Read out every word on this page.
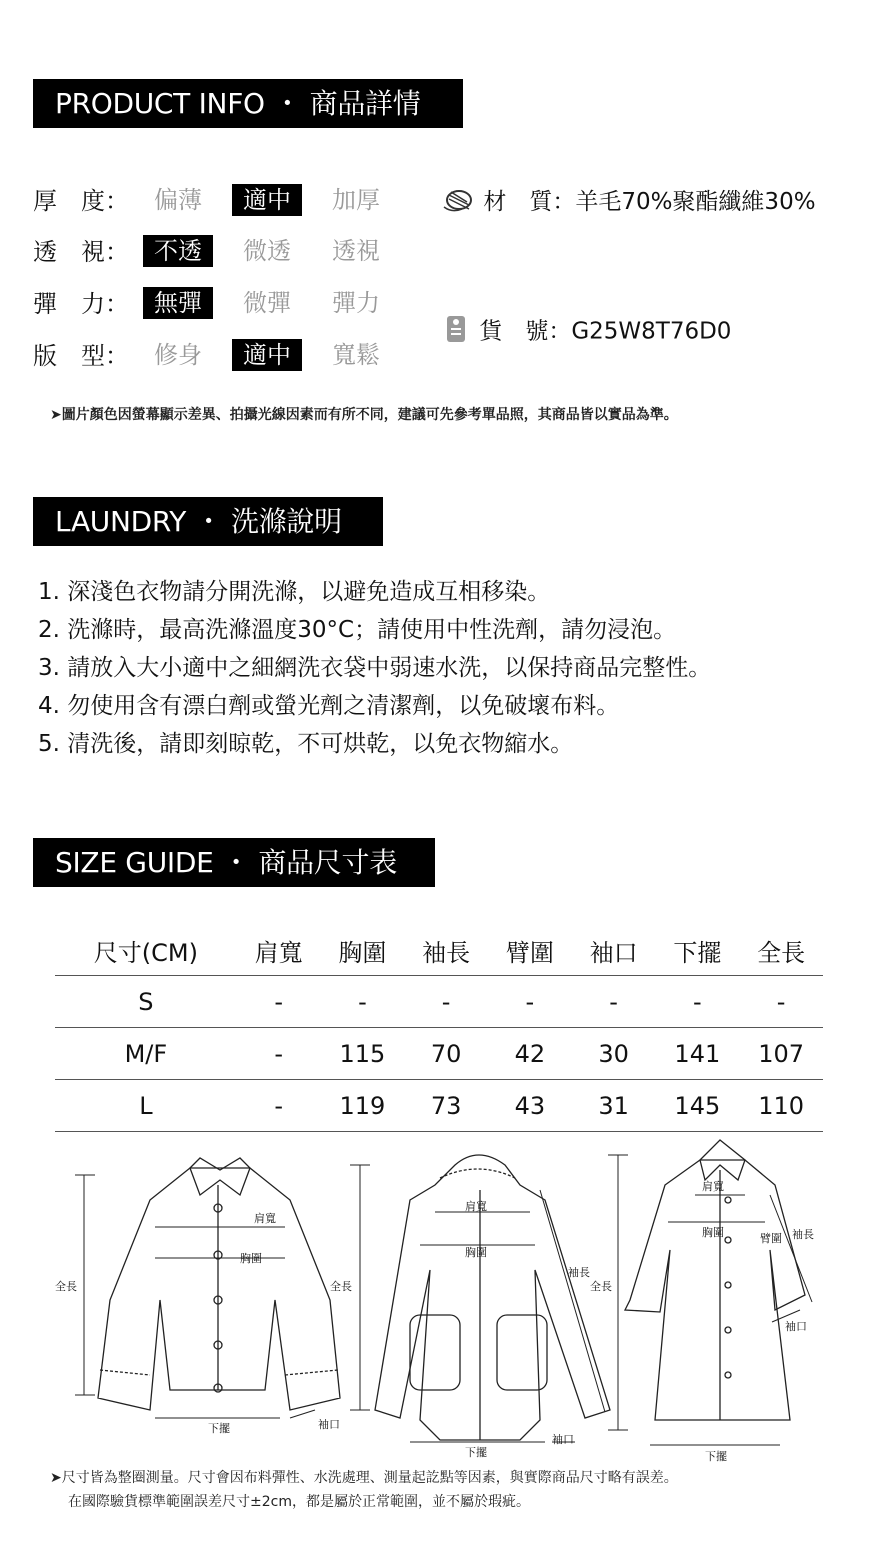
PRODUCT INFO ・ 商品詳情
厚　度：	偏薄	適中	加厚
透　視：	不透	微透	透視
彈　力：	無彈	微彈	彈力
版　型：	修身	適中	寬鬆
材　質：羊毛70%聚酯纖維30%
貨　號：G25W8T76D0
➤圖片顏色因螢幕顯示差異、拍攝光線因素而有所不同，建議可先參考單品照，其商品皆以實品為準。
LAUNDRY ・ 洗滌說明
1. 深淺色衣物請分開洗滌，以避免造成互相移染。
2. 洗滌時，最高洗滌溫度30°C；請使用中性洗劑，請勿浸泡。
3. 請放入大小適中之細網洗衣袋中弱速水洗，以保持商品完整性。
4. 勿使用含有漂白劑或螢光劑之清潔劑，以免破壞布料。
5. 清洗後，請即刻晾乾，不可烘乾，以免衣物縮水。
SIZE GUIDE ・ 商品尺寸表
尺寸(CM)	肩寬	胸圍	袖長	臂圍	袖口	下擺	全長
S	-	-	-	-	-	-	-
M/F	-	115	70	42	30	141	107
L	-	119	73	43	31	145	110
肩寬
胸圍
全長
下擺	袖口
肩寬
胸圍
全長
袖長
下擺
袖口
全長
肩寬
胸圍	臂圍 袖長
袖口
下擺
➤尺寸皆為整圈測量。尺寸會因布料彈性、水洗處理、測量起訖點等因素，與實際商品尺寸略有誤差。
在國際驗貨標準範圍誤差尺寸±2cm，都是屬於正常範圍，並不屬於瑕疵。
